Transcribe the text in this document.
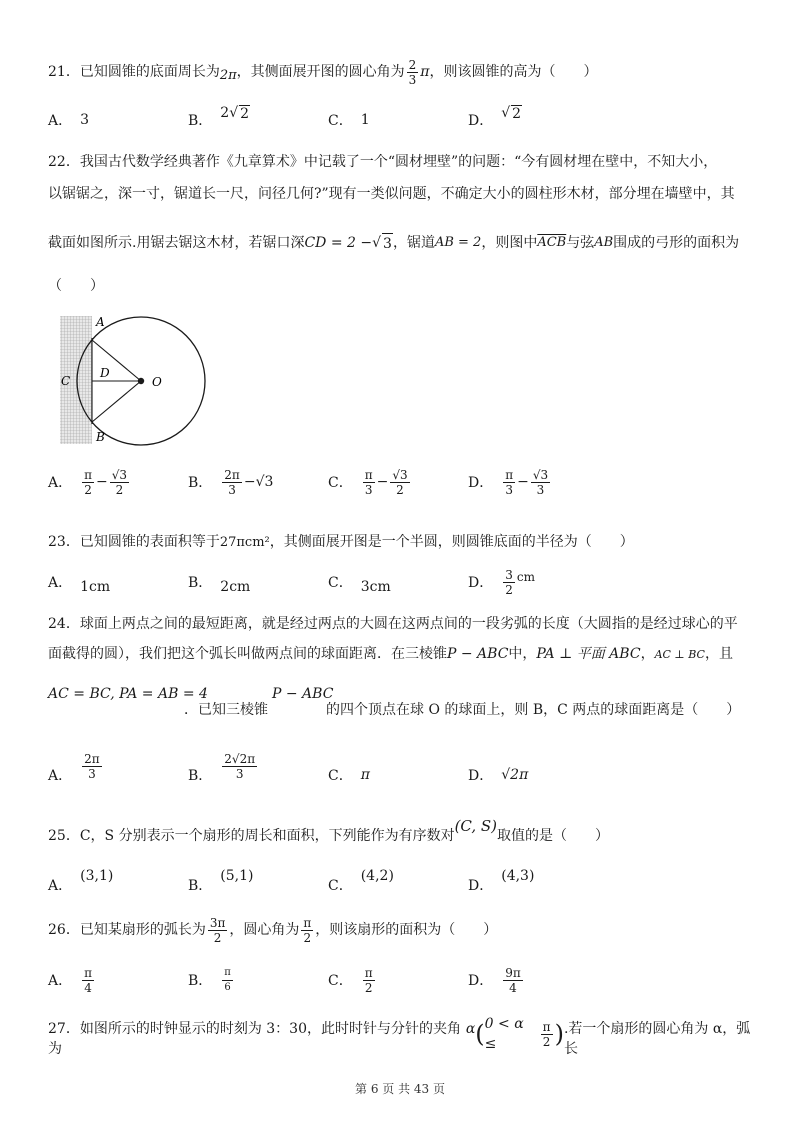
21．已知圆锥的底面周长为 2π ，其侧面展开图的圆心角为 $\frac{2}{3}$ π ，则该圆锥的高为（　　）
A． 3	B．
2 √ 2	C． 1	D．
√ 2
22．我国古代数学经典著作《九章算术》中记载了一个“圆材埋壁”的问题：“今有圆材埋在壁中，不知大小，
以锯锯之，深一寸，锯道长一尺，问径几何?”现有一类似问题，不确定大小的圆柱形木材，部分埋在墙壁中，其
截面如图所示.用锯去锯这木材，若锯口深 CD = 2 − √ 3 ，锯道 AB = 2 ，则图中 $\overline{ACB}$ 与弦 AB 围成的弓形的面积为
（　　）
A
C
D
O
B
A． $\frac{\pi}{2} - \frac{√3}{2}$	B． $\frac{2\pi}{3} - √3$	C． $\frac{\pi}{3} - \frac{√3}{2}$	D． $\frac{\pi}{3} - \frac{√3}{3}$
23．已知圆锥的表面积等于27πcm²，其侧面展开图是一个半圆，则圆锥底面的半径为（　　）
A． 1cm	B． 2cm	C． 3cm	D． $\frac{3}{2}$ cm
24．球面上两点之间的最短距离，就是经过两点的大圆在这两点间的一段劣弧的长度（大圆指的是经过球心的平
面截得的圆），我们把这个弧长叫做两点间的球面距离．在三棱锥P − ABC中，PA ⊥ 平面 ABC，AC ⊥ BC，且
AC = BC, PA = AB = 4
．已知三棱锥
P − ABC
的四个顶点在球 O 的球面上，则 B，C 两点的球面距离是（　　）
A． $\frac{2\pi}{3}$	B． $\frac{2√2\pi}{3}$	C． π	D． √2π
25．C，S 分别表示一个扇形的周长和面积，下列能作为有序数对
(C, S)
取值的是（　　）
A．
(3,1)
B．
(5,1)
C．
(4,2)
D．
(4,3)
26．已知某扇形的弧长为 $\frac{3\pi}{2}$ ，圆心角为 $\frac{\pi}{2}$ ，则该扇形的面积为（　　）
A． $\frac{\pi}{4}$	B． $\frac{\pi}{6}$	C． $\frac{\pi}{2}$	D． $\frac{9\pi}{4}$
27．如图所示的时钟显示的时刻为 3：30，此时时针与分针的夹角为
α ( 0 < α ≤	$\frac{\pi}{2}$ ) .若一个扇形的圆心角为 α，弧长
第 6 页 共 43 页
